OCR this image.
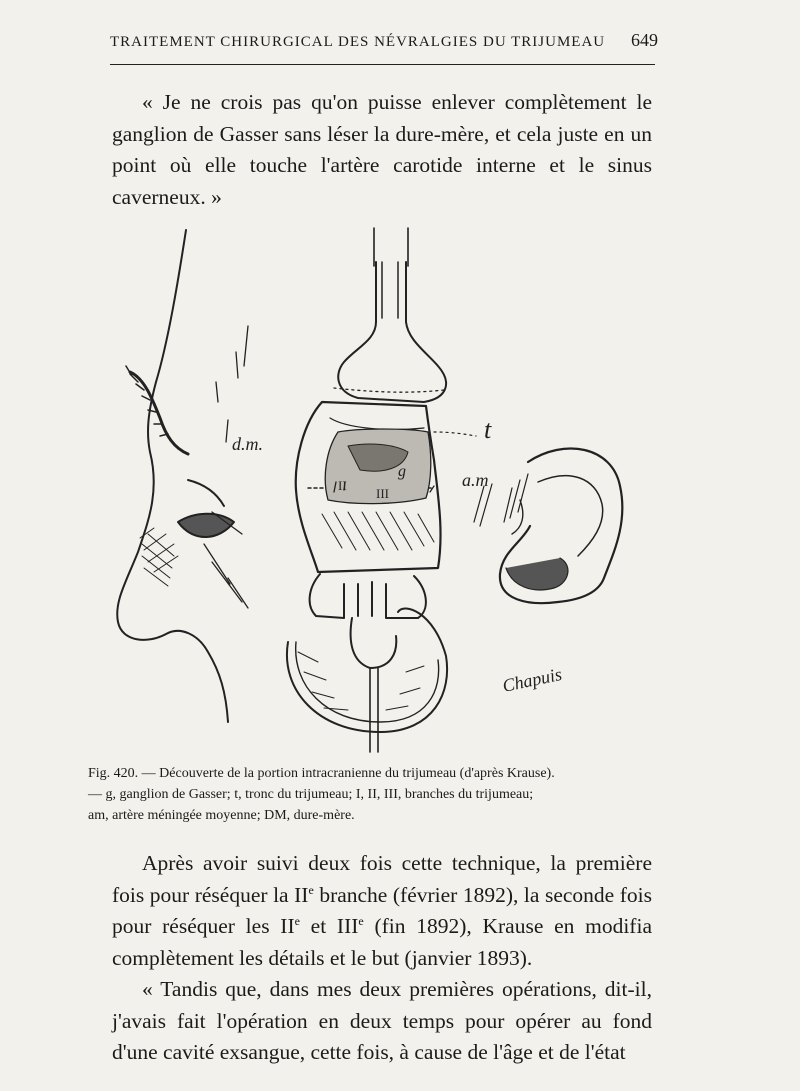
TRAITEMENT CHIRURGICAL DES NÉVRALGIES DU TRIJUMEAU 649

« Je ne crois pas qu'on puisse enlever complètement le ganglion de Gasser sans léser la dure-mère, et cela juste en un point où elle touche l'artère carotide interne et le sinus caverneux. »

d.m.	t
a.m
g
II
III
Chapuis

Fig. 420. — Découverte de la portion intracranienne du trijumeau (d'après Krause).

— g, ganglion de Gasser; t, tronc du trijumeau; I, II, III, branches du trijumeau;

am, artère méningée moyenne; DM, dure-mère.

Après avoir suivi deux fois cette technique, la première fois pour réséquer la IIe branche (février 1892), la seconde fois pour réséquer les IIe et IIIe (fin 1892), Krause en modifia complètement les détails et le but (janvier 1893).

« Tandis que, dans mes deux premières opérations, dit-il, j'avais fait l'opération en deux temps pour opérer au fond d'une cavité exsangue, cette fois, à cause de l'âge et de l'état
